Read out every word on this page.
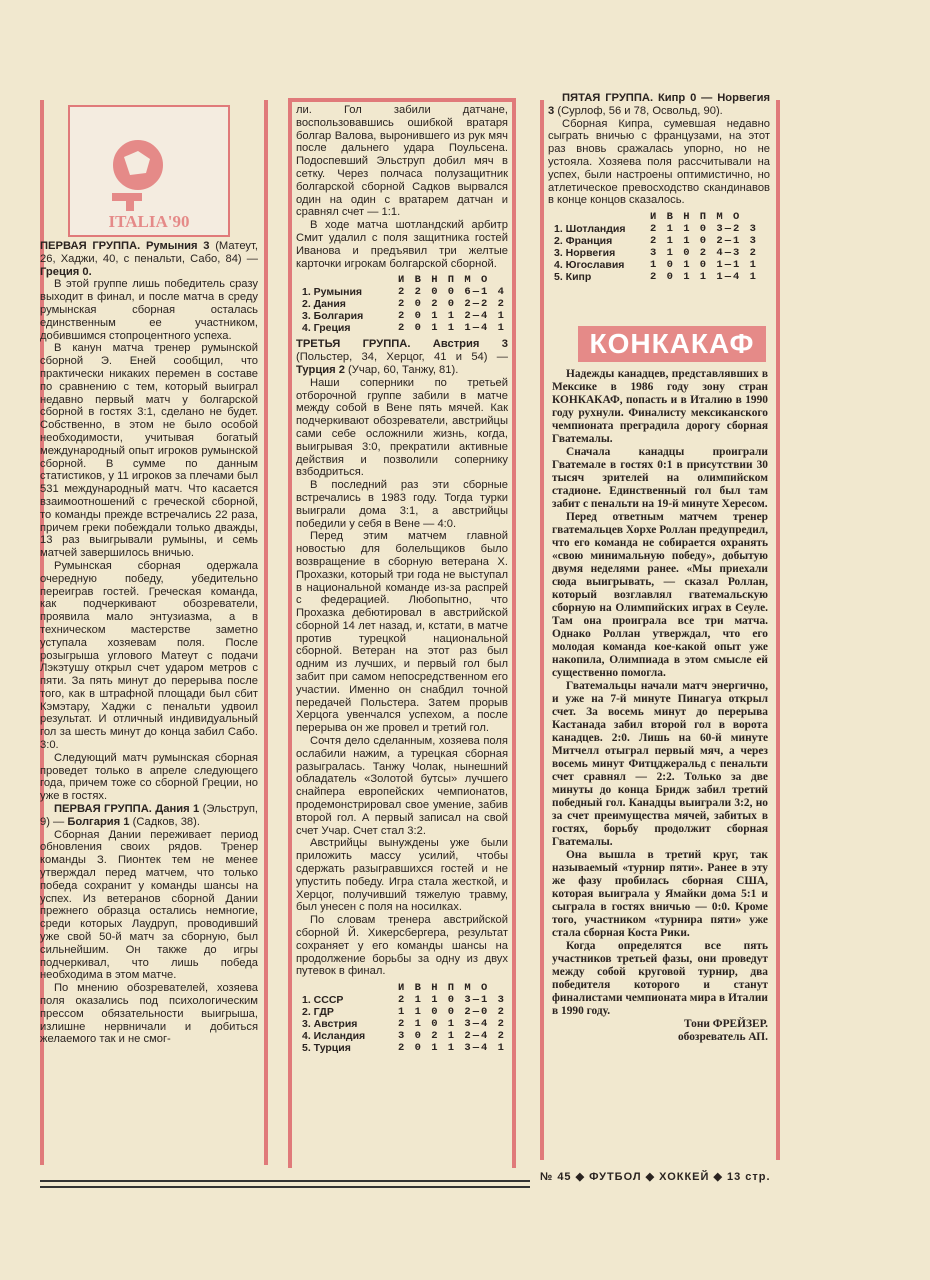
ITALIA'90

ПЕРВАЯ ГРУППА. Румыния 3 (Матеут, 26, Хаджи, 40, с пенальти, Сабо, 84) — Греция 0.

В этой группе лишь победитель сразу выходит в финал, и после матча в среду румынская сборная осталась единственным ее участником, добившимся стопроцентного успеха.

В канун матча тренер румынской сборной Э. Еней сообщил, что практически никаких перемен в составе по сравнению с тем, который выиграл недавно первый матч у болгарской сборной в гостях 3:1, сделано не будет. Собственно, в этом не было особой необходимости, учитывая богатый международный опыт игроков румынской сборной. В сумме по данным статистиков, у 11 игроков за плечами был 531 международный матч. Что касается взаимоотношений с греческой сборной, то команды прежде встречались 22 раза, причем греки побеждали только дважды, 13 раз выигрывали румыны, и семь матчей завершилось вничью.

Румынская сборная одержала очередную победу, убедительно переиграв гостей. Греческая команда, как подчеркивают обозреватели, проявила мало энтузиазма, а в техническом мастерстве заметно уступала хозяевам поля. После розыгрыша углового Матеут с подачи Лэкэтушу открыл счет ударом метров с пяти. За пять минут до перерыва после того, как в штрафной площади был сбит Кэмэтару, Хаджи с пенальти удвоил результат. И отличный индивидуальный гол за шесть минут до конца забил Сабо. 3:0.

Следующий матч румынская сборная проведет только в апреле следующего года, причем тоже со сборной Греции, но уже в гостях.

ПЕРВАЯ ГРУППА. Дания 1 (Эльструп, 9) — Болгария 1 (Садков, 38).

Сборная Дании переживает период обновления своих рядов. Тренер команды З. Пионтек тем не менее утверждал перед матчем, что только победа сохранит у команды шансы на успех. Из ветеранов сборной Дании прежнего образца остались немногие, среди которых Лаудруп, проводивший уже свой 50-й матч за сборную, был сильнейшим. Он также до игры подчеркивал, что лишь победа необходима в этом матче.

По мнению обозревателей, хозяева поля оказались под психологическим прессом обязательности выигрыша, излишне нервничали и добиться желаемого так и не смог-

ли. Гол забили датчане, воспользовавшись ошибкой вратаря болгар Валова, выронившего из рук мяч после дальнего удара Поульсена. Подоспевший Эльструп добил мяч в сетку. Через полчаса полузащитник болгарской сборной Садков вырвался один на один с вратарем датчан и сравнял счет — 1:1.

В ходе матча шотландский арбитр Смит удалил с поля защитника гостей Иванова и предъявил три желтые карточки игрокам болгарской сборной.

	И В Н П М О
1. Румыния	2 2 0 0 6—1 4
2. Дания	2 0 2 0 2—2 2
3. Болгария	2 0 1 1 2—4 1
4. Греция	2 0 1 1 1—4 1

ТРЕТЬЯ ГРУППА. Австрия 3 (Польстер, 34, Херцог, 41 и 54) — Турция 2 (Учар, 60, Танжу, 81).

Наши соперники по третьей отборочной группе забили в матче между собой в Вене пять мячей. Как подчеркивают обозреватели, австрийцы сами себе осложнили жизнь, когда, выигрывая 3:0, прекратили активные действия и позволили сопернику взбодриться.

В последний раз эти сборные встречались в 1983 году. Тогда турки выиграли дома 3:1, а австрийцы победили у себя в Вене — 4:0.

Перед этим матчем главной новостью для болельщиков было возвращение в сборную ветерана Х. Прохазки, который три года не выступал в национальной команде из-за распрей с федерацией. Любопытно, что Прохазка дебютировал в австрийской сборной 14 лет назад, и, кстати, в матче против турецкой национальной сборной. Ветеран на этот раз был одним из лучших, и первый гол был забит при самом непосредственном его участии. Именно он снабдил точной передачей Польстера. Затем прорыв Херцога увенчался успехом, а после перерыва он же провел и третий гол.

Сочтя дело сделанным, хозяева поля ослабили нажим, а турецкая сборная разыгралась. Танжу Чолак, нынешний обладатель «Золотой бутсы» лучшего снайпера европейских чемпионатов, продемонстрировал свое умение, забив второй гол. А первый записал на свой счет Учар. Счет стал 3:2.

Австрийцы вынуждены уже были приложить массу усилий, чтобы сдержать разыгравшихся гостей и не упустить победу. Игра стала жесткой, и Херцог, получивший тяжелую травму, был унесен с поля на носилках.

По словам тренера австрийской сборной Й. Хикерсбергера, результат сохраняет у его команды шансы на продолжение борьбы за одну из двух путевок в финал.

	И В Н П М О
1. СССР	2 1 1 0 3—1 3
2. ГДР	1 1 0 0 2—0 2
3. Австрия	2 1 0 1 3—4 2
4. Исландия	3 0 2 1 2—4 2
5. Турция	2 0 1 1 3—4 1

ПЯТАЯ ГРУППА. Кипр 0 — Норвегия 3 (Сурлоф, 56 и 78, Освольд, 90).

Сборная Кипра, сумевшая недавно сыграть вничью с французами, на этот раз вновь сражалась упорно, но не устояла. Хозяева поля рассчитывали на успех, были настроены оптимистично, но атлетическое превосходство скандинавов в конце концов сказалось.

	И В Н П М О
1. Шотландия	2 1 1 0 3—2 3
2. Франция	2 1 1 0 2—1 3
3. Норвегия	3 1 0 2 4—3 2
4. Югославия	1 0 1 0 1—1 1
5. Кипр	2 0 1 1 1—4 1
КОНКАКАФ

Надежды канадцев, представлявших в Мексике в 1986 году зону стран КОНКАКАФ, попасть и в Италию в 1990 году рухнули. Финалисту мексиканского чемпионата преградила дорогу сборная Гватемалы.

Сначала канадцы проиграли Гватемале в гостях 0:1 в присутствии 30 тысяч зрителей на олимпийском стадионе. Единственный гол был там забит с пенальти на 19-й минуте Хересом.

Перед ответным матчем тренер гватемальцев Хорхе Роллан предупредил, что его команда не собирается охранять «свою минимальную победу», добытую двумя неделями ранее. «Мы приехали сюда выигрывать, — сказал Роллан, который возглавлял гватемальскую сборную на Олимпийских играх в Сеуле. Там она проиграла все три матча. Однако Роллан утверждал, что его молодая команда кое-какой опыт уже накопила, Олимпиада в этом смысле ей существенно помогла.

Гватемальцы начали матч энергично, и уже на 7-й минуте Пинагуа открыл счет. За восемь минут до перерыва Кастанада забил второй гол в ворота канадцев. 2:0. Лишь на 60-й минуте Митчелл отыграл первый мяч, а через восемь минут Фитцджеральд с пенальти счет сравнял — 2:2. Только за две минуты до конца Бридж забил третий победный гол. Канадцы выиграли 3:2, но за счет преимущества мячей, забитых в гостях, борьбу продолжит сборная Гватемалы.

Она вышла в третий круг, так называемый «турнир пяти». Ранее в эту же фазу пробилась сборная США, которая выиграла у Ямайки дома 5:1 и сыграла в гостях вничью — 0:0. Кроме того, участником «турнира пяти» уже стала сборная Коста Рики.

Когда определятся все пять участников третьей фазы, они проведут между собой круговой турнир, два победителя которого и станут финалистами чемпионата мира в Италии в 1990 году.

Тони ФРЕЙЗЕР.

обозреватель АП.

№ 45 ◆ ФУТБОЛ ◆ ХОККЕЙ ◆ 13 стр.
